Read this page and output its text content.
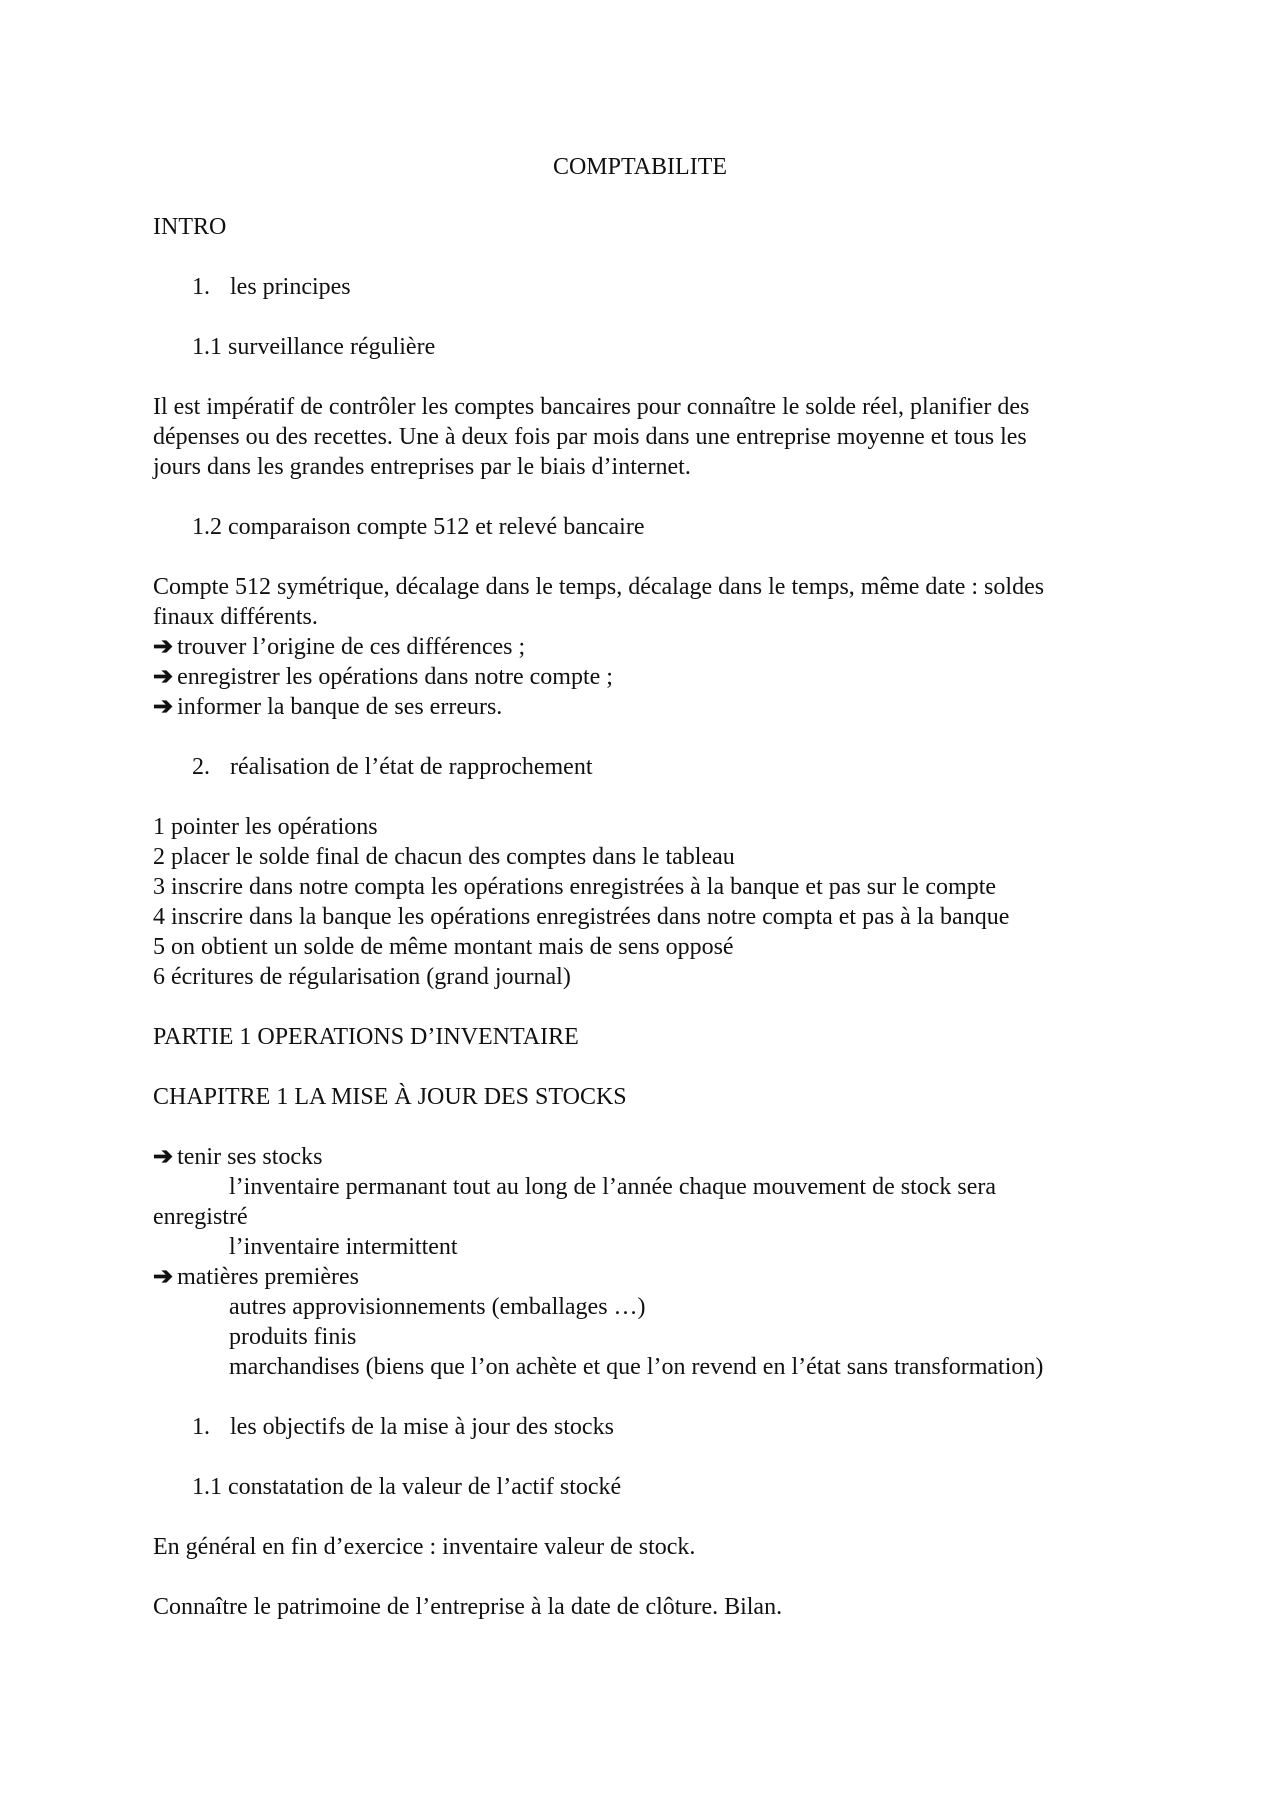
COMPTABILITE
INTRO
1. les principes
1.1 surveillance régulière
Il est impératif de contrôler les comptes bancaires pour connaître le solde réel, planifier des
dépenses ou des recettes. Une à deux fois par mois dans une entreprise moyenne et tous les
jours dans les grandes entreprises par le biais d’internet.
1.2 comparaison compte 512 et relevé bancaire
Compte 512 symétrique, décalage dans le temps, décalage dans le temps, même date : soldes
finaux différents.
➔ trouver l’origine de ces différences ;
➔ enregistrer les opérations dans notre compte ;
➔ informer la banque de ses erreurs.
2. réalisation de l’état de rapprochement
1 pointer les opérations
2 placer le solde final de chacun des comptes dans le tableau
3 inscrire dans notre compta les opérations enregistrées à la banque et pas sur le compte
4 inscrire dans la banque les opérations enregistrées dans notre compta et pas à la banque
5 on obtient un solde de même montant mais de sens opposé
6 écritures de régularisation (grand journal)
PARTIE 1 OPERATIONS D’INVENTAIRE
CHAPITRE 1 LA MISE À JOUR DES STOCKS
➔ tenir ses stocks
l’inventaire permanant tout au long de l’année chaque mouvement de stock sera
enregistré
l’inventaire intermittent
➔ matières premières
autres approvisionnements (emballages …)
produits finis
marchandises (biens que l’on achète et que l’on revend en l’état sans transformation)
1. les objectifs de la mise à jour des stocks
1.1 constatation de la valeur de l’actif stocké
En général en fin d’exercice : inventaire valeur de stock.
Connaître le patrimoine de l’entreprise à la date de clôture. Bilan.
